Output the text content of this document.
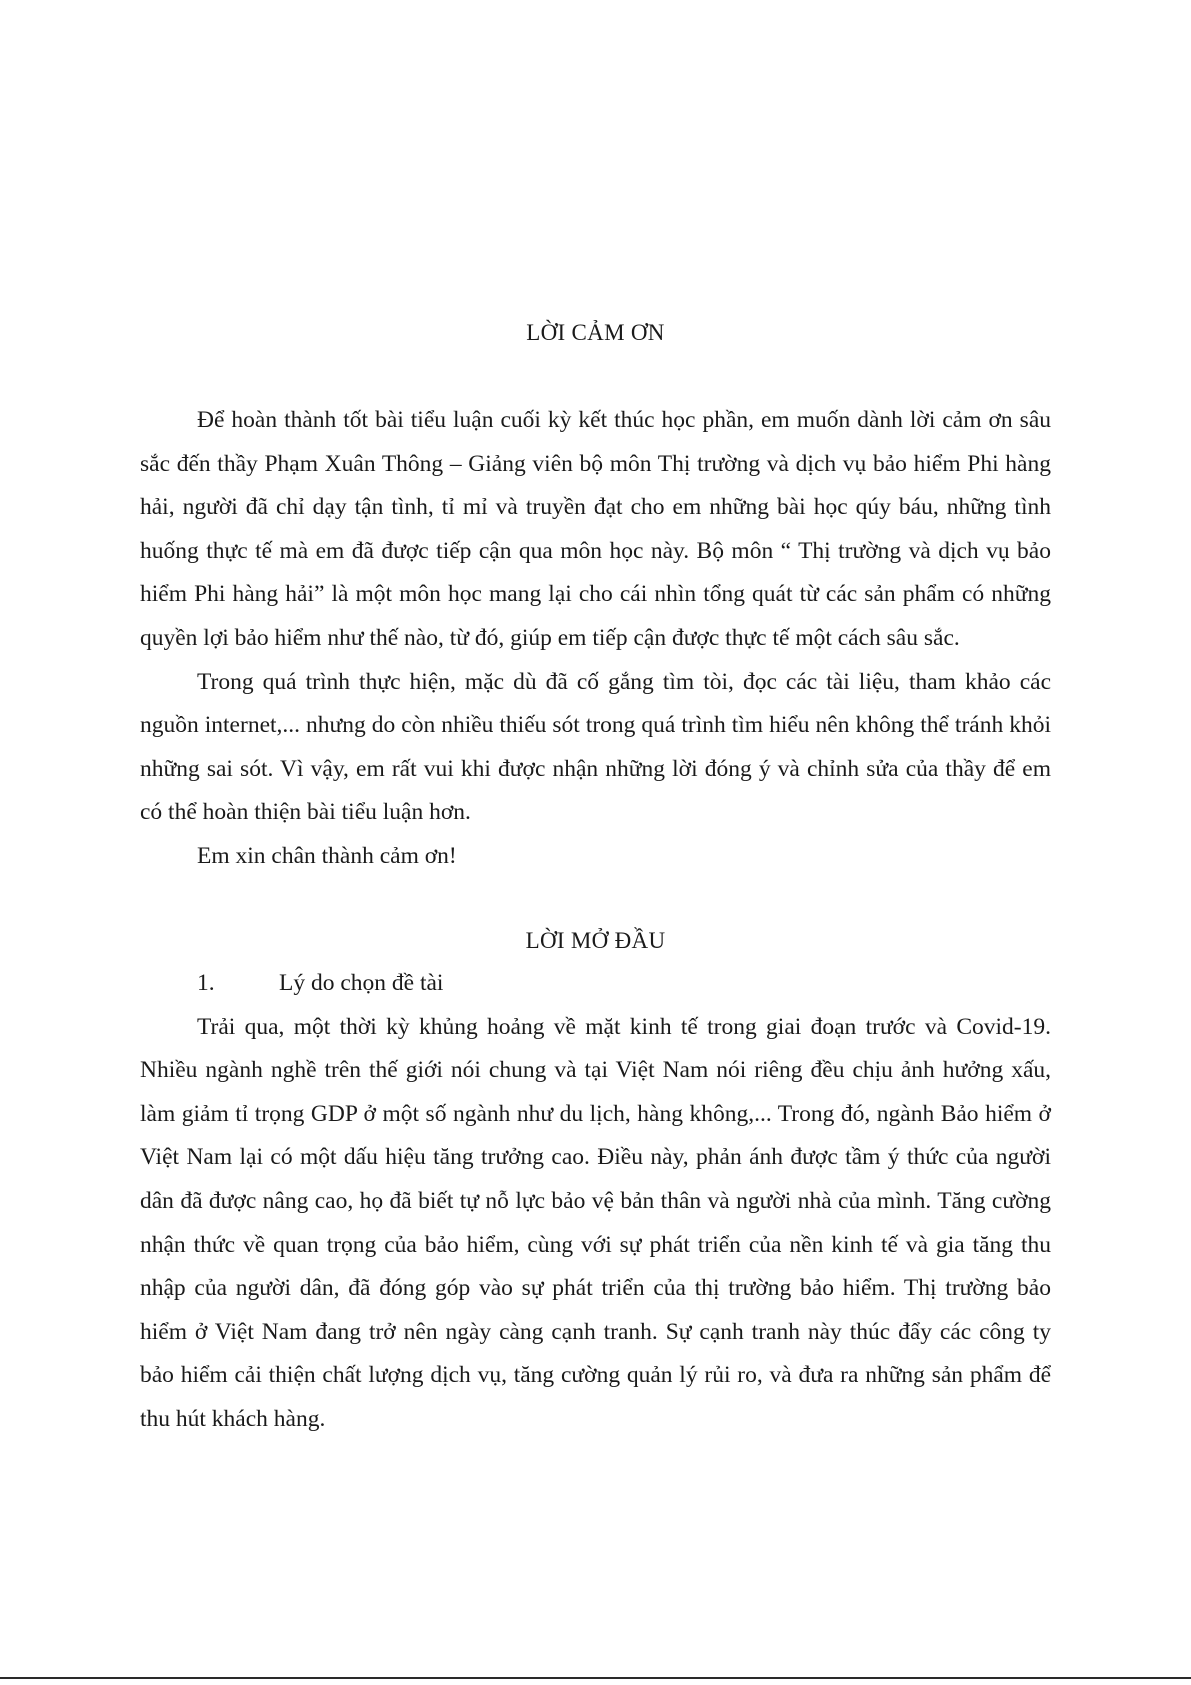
LỜI CẢM ƠN

Để hoàn thành tốt bài tiểu luận cuối kỳ kết thúc học phần, em muốn dành lời cảm ơn sâu sắc đến thầy Phạm Xuân Thông – Giảng viên bộ môn Thị trường và dịch vụ bảo hiểm Phi hàng hải, người đã chỉ dạy tận tình, tỉ mỉ và truyền đạt cho em những bài học qúy báu, những tình huống thực tế mà em đã được tiếp cận qua môn học này. Bộ môn “ Thị trường và dịch vụ bảo hiểm Phi hàng hải” là một môn học mang lại cho cái nhìn tổng quát từ các sản phẩm có những quyền lợi bảo hiểm như thế nào, từ đó, giúp em tiếp cận được thực tế một cách sâu sắc.

Trong quá trình thực hiện, mặc dù đã cố gắng tìm tòi, đọc các tài liệu, tham khảo các nguồn internet,... nhưng do còn nhiều thiếu sót trong quá trình tìm hiểu nên không thể tránh khỏi những sai sót. Vì vậy, em rất vui khi được nhận những lời đóng ý và chỉnh sửa của thầy để em có thể hoàn thiện bài tiểu luận hơn.

Em xin chân thành cảm ơn!

LỜI MỞ ĐẦU

1.	Lý do chọn đề tài

Trải qua, một thời kỳ khủng hoảng về mặt kinh tế trong giai đoạn trước và Covid-19. Nhiều ngành nghề trên thế giới nói chung và tại Việt Nam nói riêng đều chịu ảnh hưởng xấu, làm giảm tỉ trọng GDP ở một số ngành như du lịch, hàng không,... Trong đó, ngành Bảo hiểm ở Việt Nam lại có một dấu hiệu tăng trưởng cao. Điều này, phản ánh được tầm ý thức của người dân đã được nâng cao, họ đã biết tự nỗ lực bảo vệ bản thân và người nhà của mình. Tăng cường nhận thức về quan trọng của bảo hiểm, cùng với sự phát triển của nền kinh tế và gia tăng thu nhập của người dân, đã đóng góp vào sự phát triển của thị trường bảo hiểm. Thị trường bảo hiểm ở Việt Nam đang trở nên ngày càng cạnh tranh. Sự cạnh tranh này thúc đẩy các công ty bảo hiểm cải thiện chất lượng dịch vụ, tăng cường quản lý rủi ro, và đưa ra những sản phẩm để thu hút khách hàng.
